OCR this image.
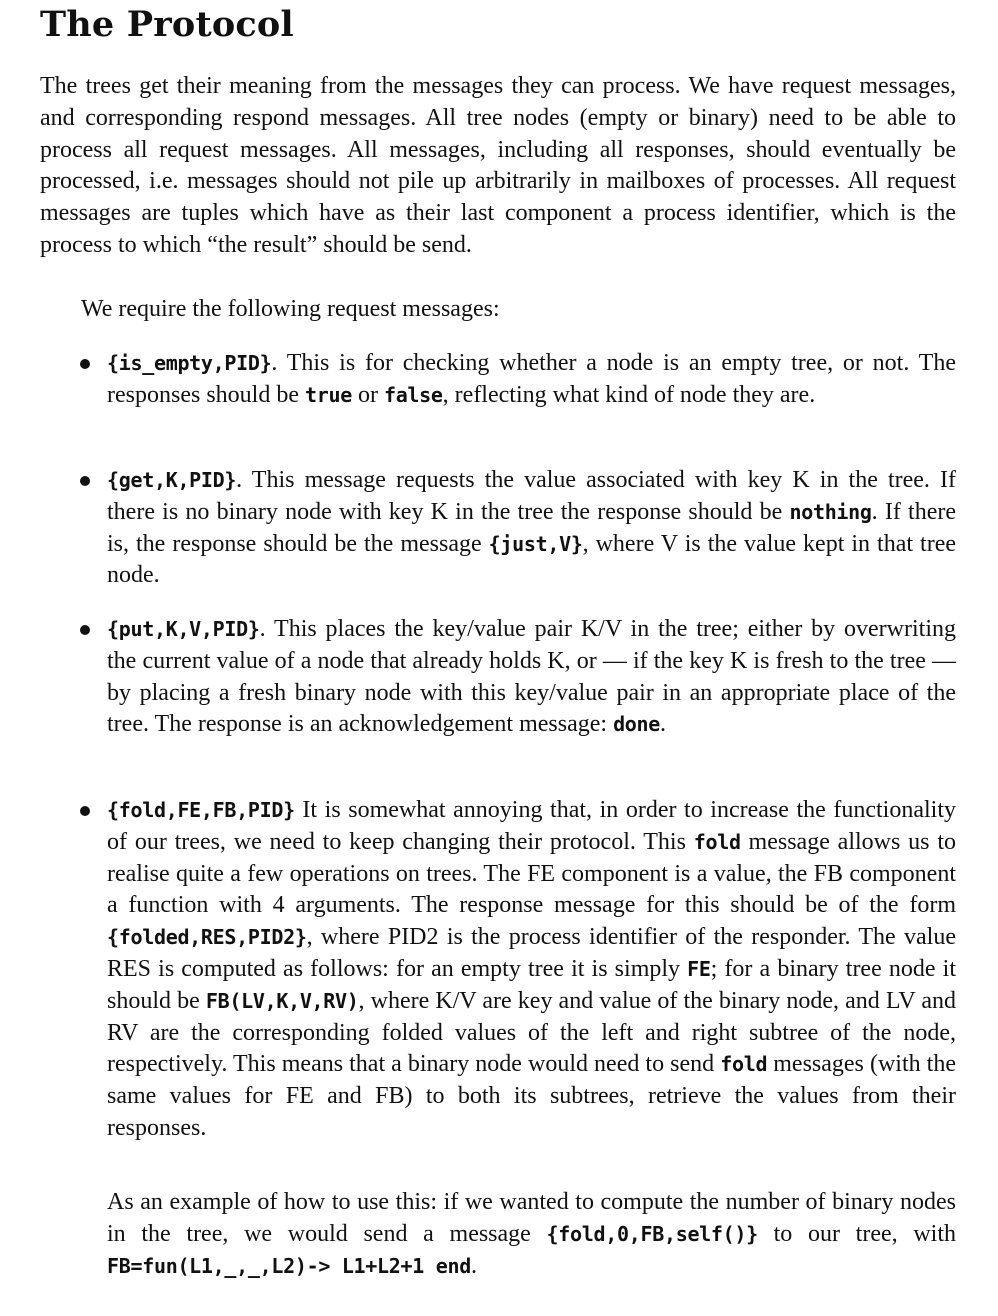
The Protocol
The trees get their meaning from the messages they can process. We have request messages, and corresponding respond messages. All tree nodes (empty or binary) need to be able to process all request messages. All messages, including all responses, should eventually be processed, i.e. messages should not pile up arbitrarily in mailboxes of processes. All request messages are tuples which have as their last component a process identifier, which is the process to which “the result” should be send.
We require the following request messages:
{is_empty,PID}. This is for checking whether a node is an empty tree, or not. The responses should be true or false, reflecting what kind of node they are.
{get,K,PID}. This message requests the value associated with key K in the tree. If there is no binary node with key K in the tree the response should be nothing. If there is, the response should be the message {just,V}, where V is the value kept in that tree node.
{put,K,V,PID}. This places the key/value pair K/V in the tree; either by overwriting the current value of a node that already holds K, or — if the key K is fresh to the tree — by placing a fresh binary node with this key/value pair in an appropriate place of the tree. The response is an acknowledgement message: done.
{fold,FE,FB,PID} It is somewhat annoying that, in order to increase the functionality of our trees, we need to keep changing their protocol. This fold message allows us to realise quite a few operations on trees. The FE component is a value, the FB component a function with 4 arguments. The response message for this should be of the form {folded,RES,PID2}, where PID2 is the process identifier of the responder. The value RES is computed as follows: for an empty tree it is simply FE; for a binary tree node it should be FB(LV,K,V,RV), where K/V are key and value of the binary node, and LV and RV are the corresponding folded values of the left and right subtree of the node, respectively. This means that a binary node would need to send fold messages (with the same values for FE and FB) to both its subtrees, retrieve the values from their responses.
As an example of how to use this: if we wanted to compute the number of binary nodes in the tree, we would send a message {fold,0,FB,self()} to our tree, with FB=fun(L1,_,_,L2)-> L1+L2+1 end.
